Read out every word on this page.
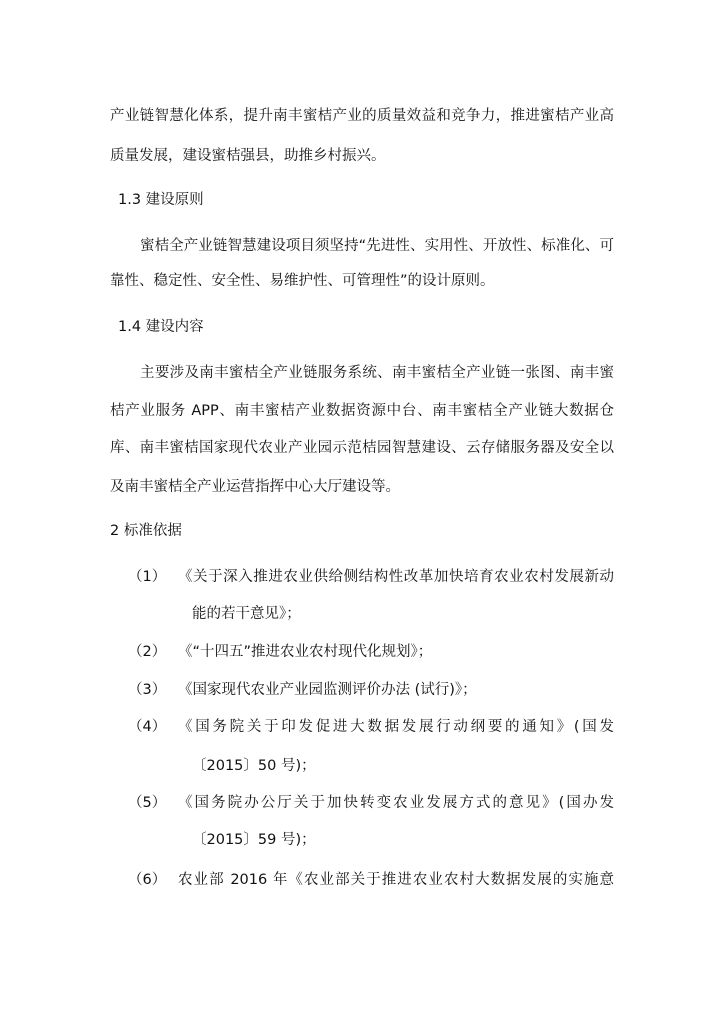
产业链智慧化体系，提升南丰蜜桔产业的质量效益和竞争力，推进蜜桔产业高
质量发展，建设蜜桔强县，助推乡村振兴。
1.3 建设原则
蜜桔全产业链智慧建设项目须坚持“先进性、实用性、开放性、标准化、可
靠性、稳定性、安全性、易维护性、可管理性”的设计原则。
1.4 建设内容
主要涉及南丰蜜桔全产业链服务系统、南丰蜜桔全产业链一张图、南丰蜜
桔产业服务 APP、南丰蜜桔产业数据资源中台、南丰蜜桔全产业链大数据仓
库、南丰蜜桔国家现代农业产业园示范桔园智慧建设、云存储服务器及安全以
及南丰蜜桔全产业运营指挥中心大厅建设等。
2 标准依据
（1） 《关于深入推进农业供给侧结构性改革加快培育农业农村发展新动
能的若干意见》；
（2） 《“十四五”推进农业农村现代化规划》；
（3） 《国家现代农业产业园监测评价办法 (试行)》；
（4） 《国务院关于印发促进大数据发展行动纲要的通知》(国发
〔2015〕50 号)；
（5） 《国务院办公厅关于加快转变农业发展方式的意见》(国办发
〔2015〕59 号)；
（6） 农业部 2016 年《农业部关于推进农业农村大数据发展的实施意
